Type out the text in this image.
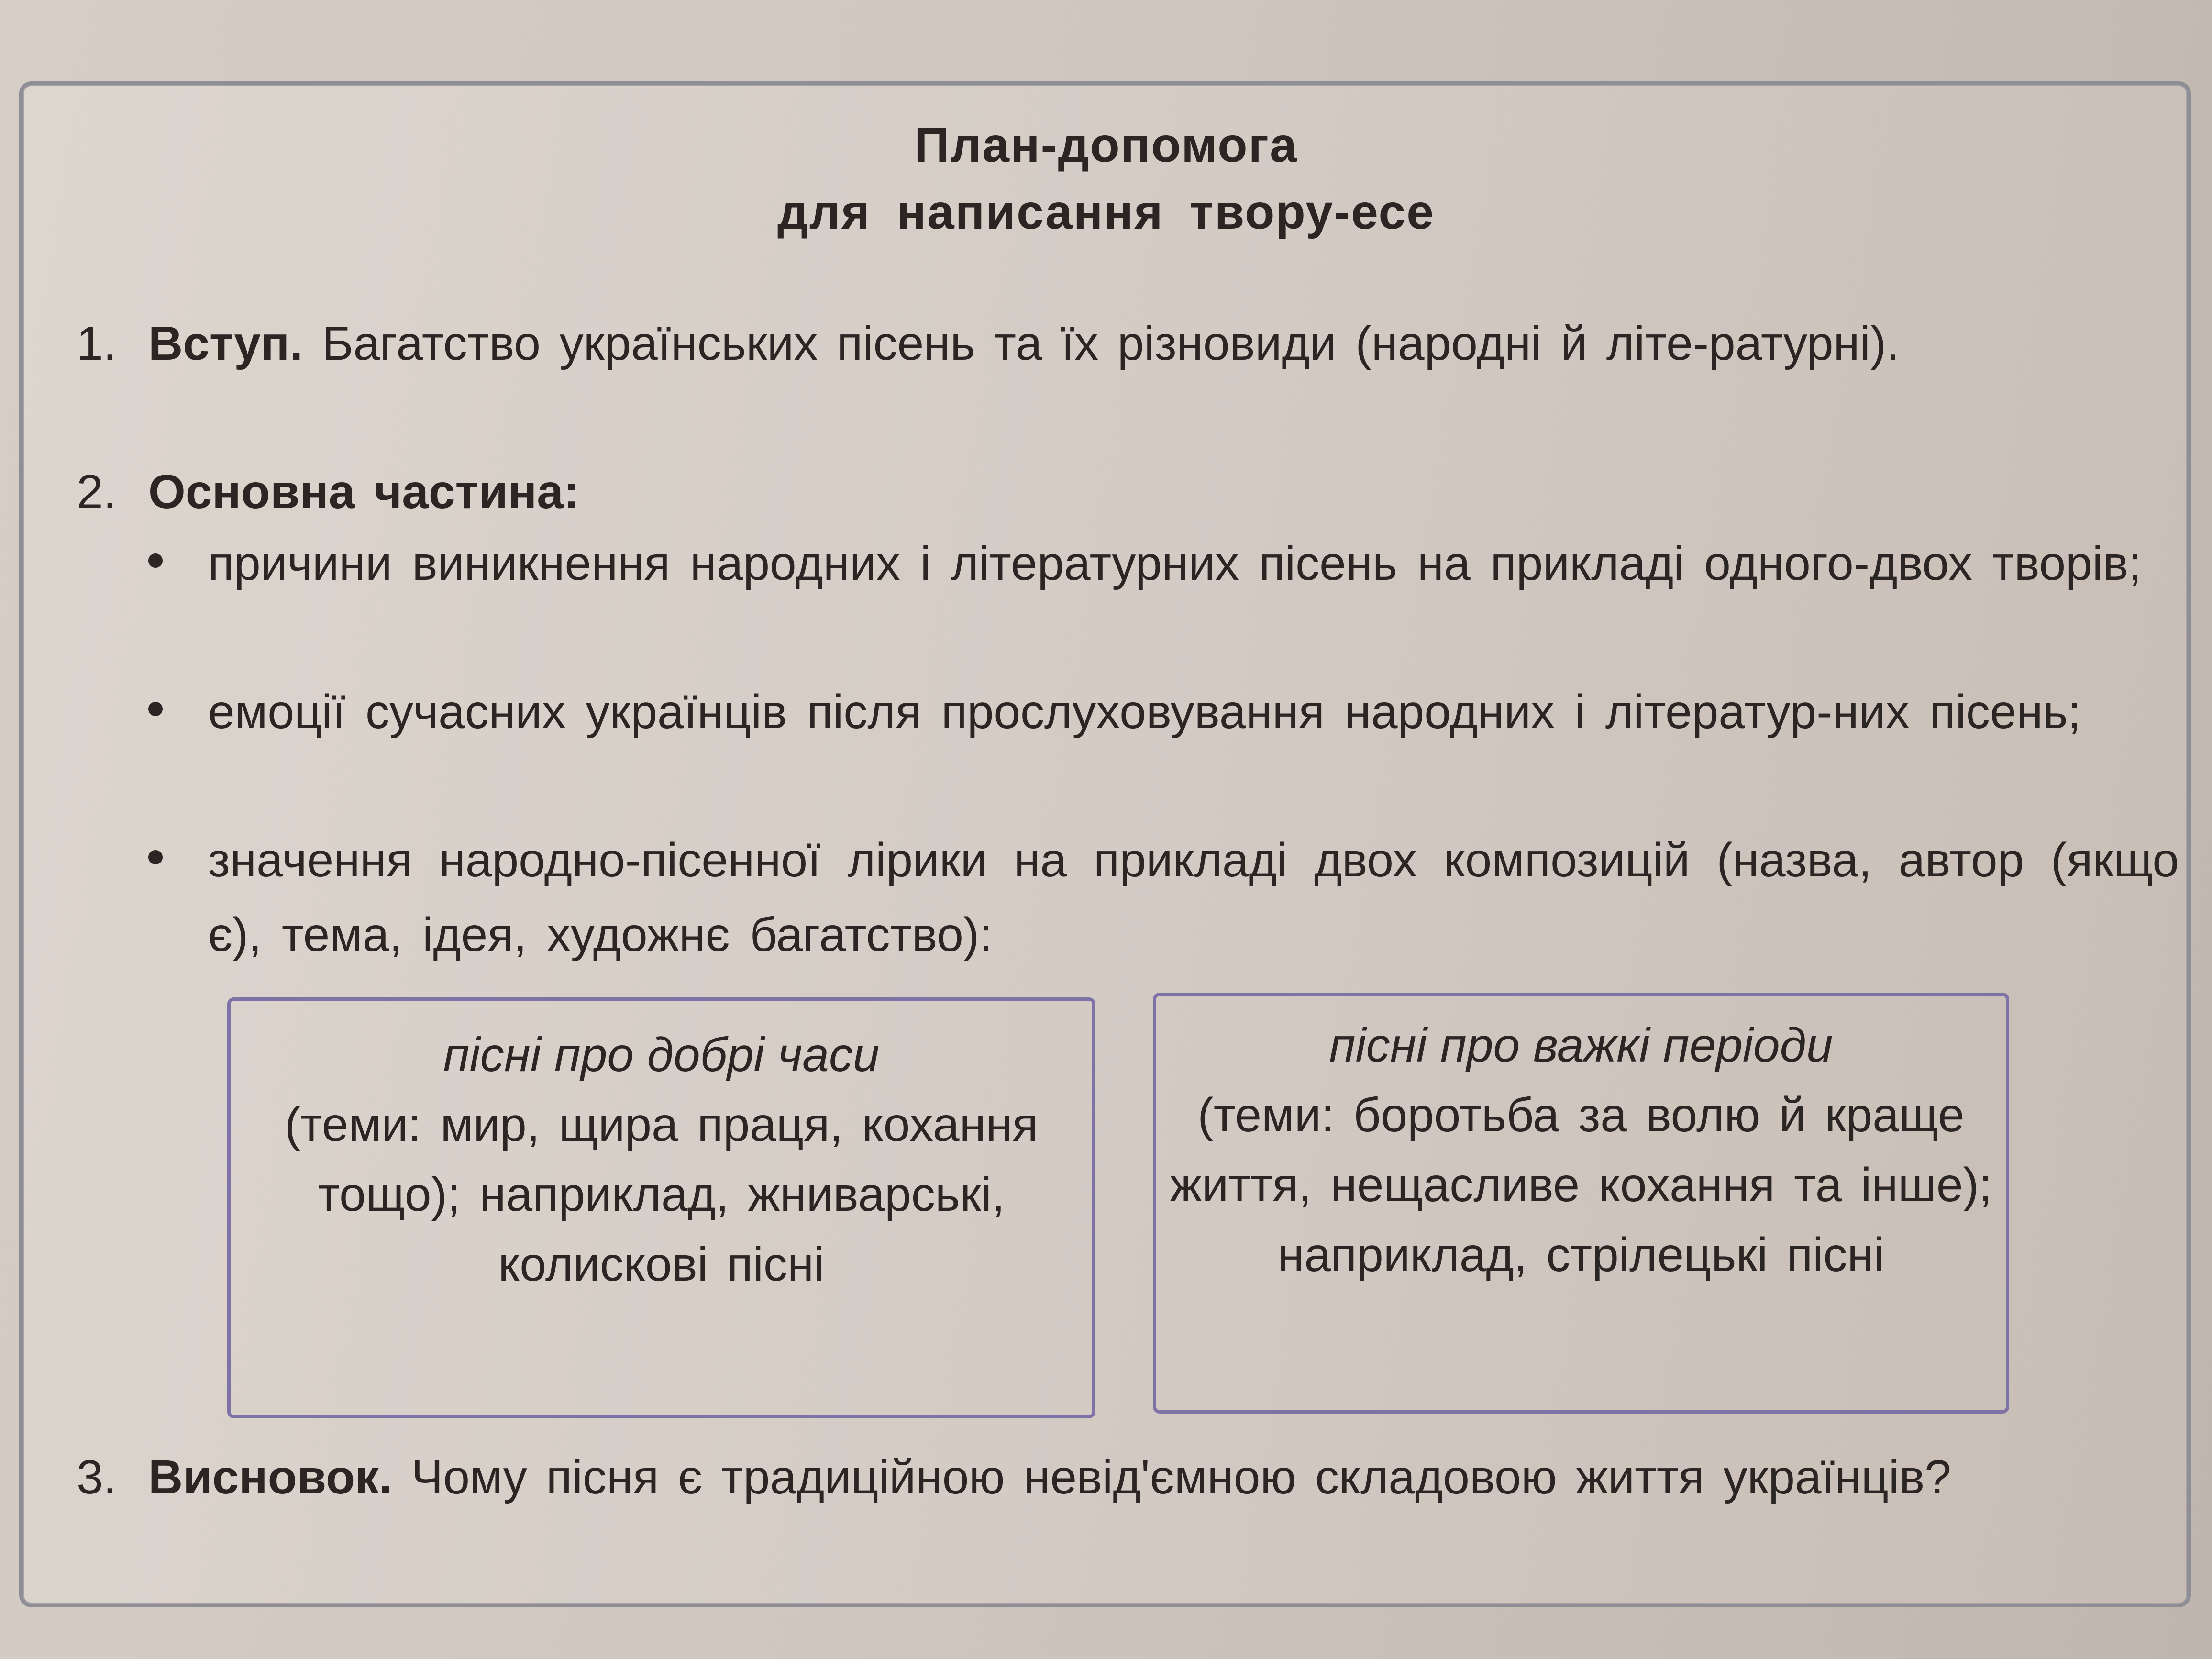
План-допомога
для написання твору-есе
1. Вступ. Багатство українських пісень та їх різновиди (народні й літе-ратурні).
2. Основна частина:
причини виникнення народних і літературних пісень на прикладі одного-двох творів;
емоції сучасних українців після прослуховування народних і літератур-них пісень;
значення народно-пісенної лірики на прикладі двох композицій (назва, автор (якщо є), тема, ідея, художнє багатство):
пісні про добрі часи
(теми: мир, щира праця, кохання тощо); наприклад, жниварські, колискові пісні
пісні про важкі періоди
(теми: боротьба за волю й краще життя, нещасливе кохання та інше); наприклад, стрілецькі пісні
3. Висновок. Чому пісня є традиційною невід'ємною складовою життя українців?
